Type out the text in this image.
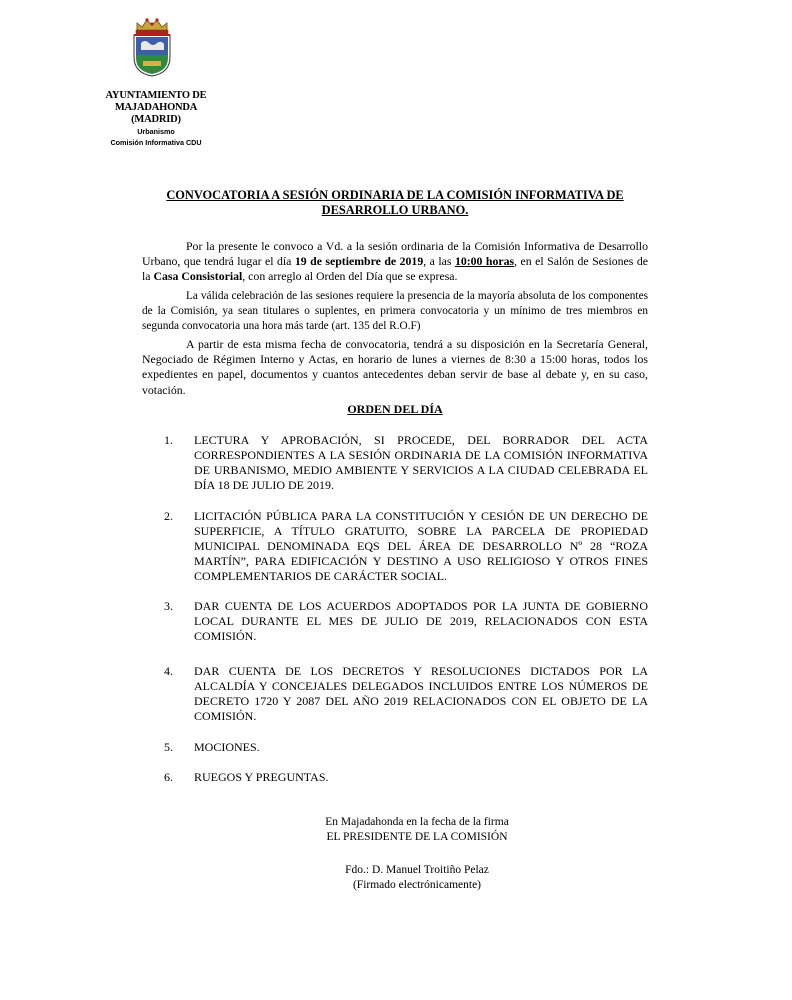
AYUNTAMIENTO DE
MAJADAHONDA
(MADRID)
Urbanismo
Comisión Informativa CDU
CONVOCATORIA A SESIÓN ORDINARIA DE LA COMISIÓN INFORMATIVA DE
DESARROLLO URBANO.
Por la presente le convoco a Vd. a la sesión ordinaria de la Comisión Informativa de Desarrollo Urbano, que tendrá lugar el día 19 de septiembre de 2019, a las 10:00 horas, en el Salón de Sesiones de la Casa Consistorial, con arreglo al Orden del Día que se expresa.
La válida celebración de las sesiones requiere la presencia de la mayoría absoluta de los componentes de la Comisión, ya sean titulares o suplentes, en primera convocatoria y un mínimo de tres miembros en segunda convocatoria una hora más tarde (art. 135 del R.O.F)
A partir de esta misma fecha de convocatoria, tendrá a su disposición en la Secretaría General, Negociado de Régimen Interno y Actas, en horario de lunes a viernes de 8:30 a 15:00 horas, todos los expedientes en papel, documentos y cuantos antecedentes deban servir de base al debate y, en su caso, votación.
ORDEN DEL DÍA
1. LECTURA Y APROBACIÓN, SI PROCEDE, DEL BORRADOR DEL ACTA CORRESPONDIENTES A LA SESIÓN ORDINARIA DE LA COMISIÓN INFORMATIVA DE URBANISMO, MEDIO AMBIENTE Y SERVICIOS A LA CIUDAD CELEBRADA EL DÍA 18 DE JULIO DE 2019.
2. LICITACIÓN PÚBLICA PARA LA CONSTITUCIÓN Y CESIÓN DE UN DERECHO DE SUPERFICIE, A TÍTULO GRATUITO, SOBRE LA PARCELA DE PROPIEDAD MUNICIPAL DENOMINADA EQS DEL ÁREA DE DESARROLLO Nº 28 “ROZA MARTÍN”, PARA EDIFICACIÓN Y DESTINO A USO RELIGIOSO Y OTROS FINES COMPLEMENTARIOS DE CARÁCTER SOCIAL.
3. DAR CUENTA DE LOS ACUERDOS ADOPTADOS POR LA JUNTA DE GOBIERNO LOCAL DURANTE EL MES DE JULIO DE 2019, RELACIONADOS CON ESTA COMISIÓN.
4. DAR CUENTA DE LOS DECRETOS Y RESOLUCIONES DICTADOS POR LA ALCALDÍA Y CONCEJALES DELEGADOS INCLUIDOS ENTRE LOS NÚMEROS DE DECRETO 1720 Y 2087 DEL AÑO 2019 RELACIONADOS CON EL OBJETO DE LA COMISIÓN.
5. MOCIONES.
6. RUEGOS Y PREGUNTAS.
En Majadahonda en la fecha de la firma
EL PRESIDENTE DE LA COMISIÓN
Fdo.: D. Manuel Troitiño Pelaz
(Firmado electrónicamente)
